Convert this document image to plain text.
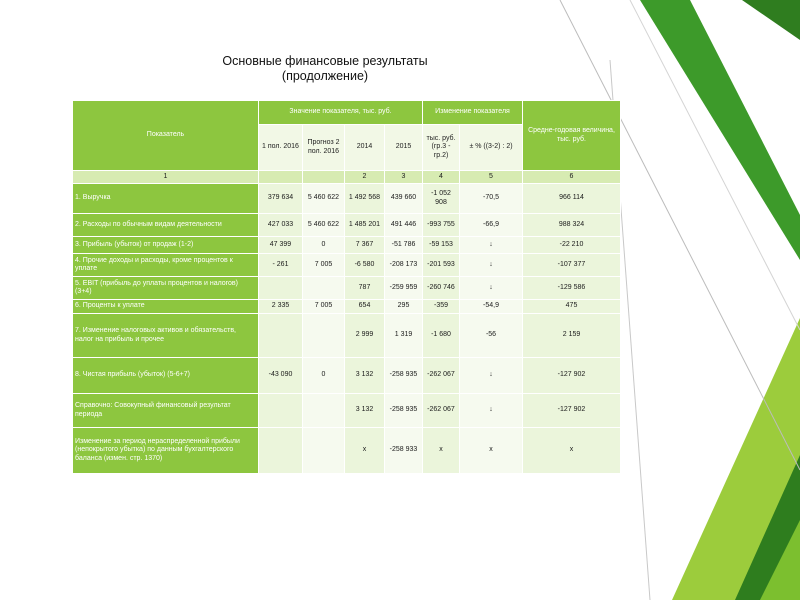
Основные финансовые результаты
(продолжение)
Показатель	Значение показателя, тыс. руб.				Изменение показателя		Средне-годовая величина, тыс. руб.
	1 пол. 2016	Прогноз 2 пол. 2016	2014	2015	тыс. руб. (гр.3 - гр.2)	± % ((3-2) : 2)	
1			2	3	4	5	6
1. Выручка	379 634	5 460 622	1 492 568	439 660	-1 052 908	-70,5	966 114
2. Расходы по обычным видам деятельности	427 033	5 460 622	1 485 201	491 446	-993 755	-66,9	988 324
3. Прибыль (убыток) от продаж (1-2)	47 399	0	7 367	-51 786	-59 153	↓	-22 210
4. Прочие доходы и расходы, кроме процентов к уплате	- 261	7 005	-6 580	-208 173	-201 593	↓	-107 377
5. EBIT (прибыль до уплаты процентов и налогов) (3+4)			787	-259 959	-260 746	↓	-129 586
6. Проценты к уплате	2 335	7 005	654	295	-359	-54,9	475
7. Изменение налоговых активов и обязательств, налог на прибыль и прочее			2 999	1 319	-1 680	-56	2 159
8. Чистая прибыль (убыток) (5-6+7)	-43 090	0	3 132	-258 935	-262 067	↓	-127 902
Справочно: Совокупный финансовый результат периода			3 132	-258 935	-262 067	↓	-127 902
Изменение за период нераспределенной прибыли (непокрытого убытка) по данным бухгалтерского баланса (измен. стр. 1370)			х	-258 933	х	х	х
